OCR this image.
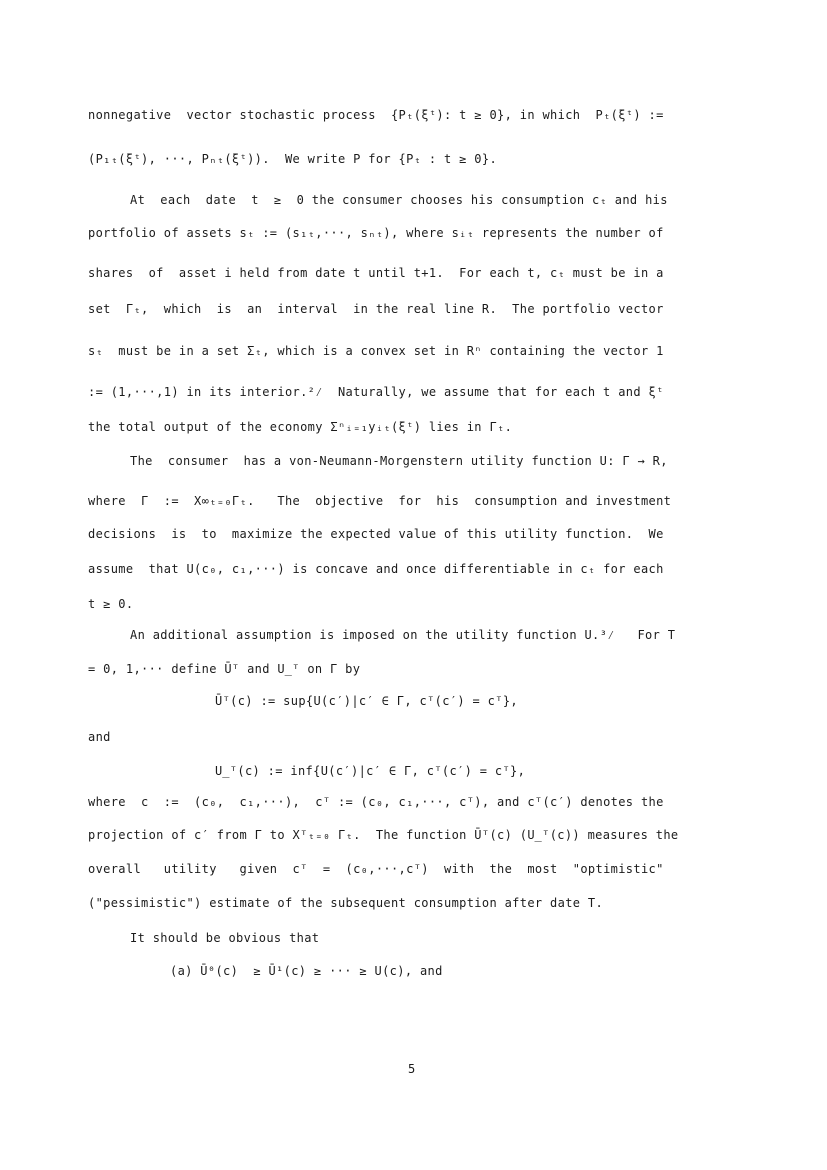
nonnegative  vector stochastic process  {Pₜ(ξᵗ): t ≥ 0}, in which  Pₜ(ξᵗ) :=
(P₁ₜ(ξᵗ), ···, Pₙₜ(ξᵗ)).  We write P for {Pₜ : t ≥ 0}.
At  each  date  t  ≥  0 the consumer chooses his consumption cₜ and his
portfolio of assets sₜ := (s₁ₜ,···, sₙₜ), where sᵢₜ represents the number of
shares  of  asset i held from date t until t+1.  For each t, cₜ must be in a
set  Γₜ,  which  is  an  interval  in the real line R.  The portfolio vector
sₜ  must be in a set Σₜ, which is a convex set in Rⁿ containing the vector 1
:= (1,···,1) in its interior.²⁄  Naturally, we assume that for each t and ξᵗ
the total output of the economy Σⁿᵢ₌₁yᵢₜ(ξᵗ) lies in Γₜ.
The  consumer  has a von-Neumann-Morgenstern utility function U: Γ → R,
where  Γ  :=  X∞ₜ₌₀Γₜ.   The  objective  for  his  consumption and investment
decisions  is  to  maximize the expected value of this utility function.  We
assume  that U(c₀, c₁,···) is concave and once differentiable in cₜ for each
t ≥ 0.
An additional assumption is imposed on the utility function U.³⁄   For T
= 0, 1,··· define Ūᵀ and U̲ᵀ on Γ by
Ūᵀ(c) := sup{U(c′)|c′ ∈ Γ, cᵀ(c′) = cᵀ},
and
U̲ᵀ(c) := inf{U(c′)|c′ ∈ Γ, cᵀ(c′) = cᵀ},
where  c  :=  (c₀,  c₁,···),  cᵀ := (c₀, c₁,···, cᵀ), and cᵀ(c′) denotes the
projection of c′ from Γ to Xᵀₜ₌₀ Γₜ.  The function Ūᵀ(c) (U̲ᵀ(c)) measures the
overall   utility   given  cᵀ  =  (c₀,···,cᵀ)  with  the  most  "optimistic"
("pessimistic") estimate of the subsequent consumption after date T.
It should be obvious that
(a) Ū⁰(c)  ≥ Ū¹(c) ≥ ··· ≥ U(c), and
5
